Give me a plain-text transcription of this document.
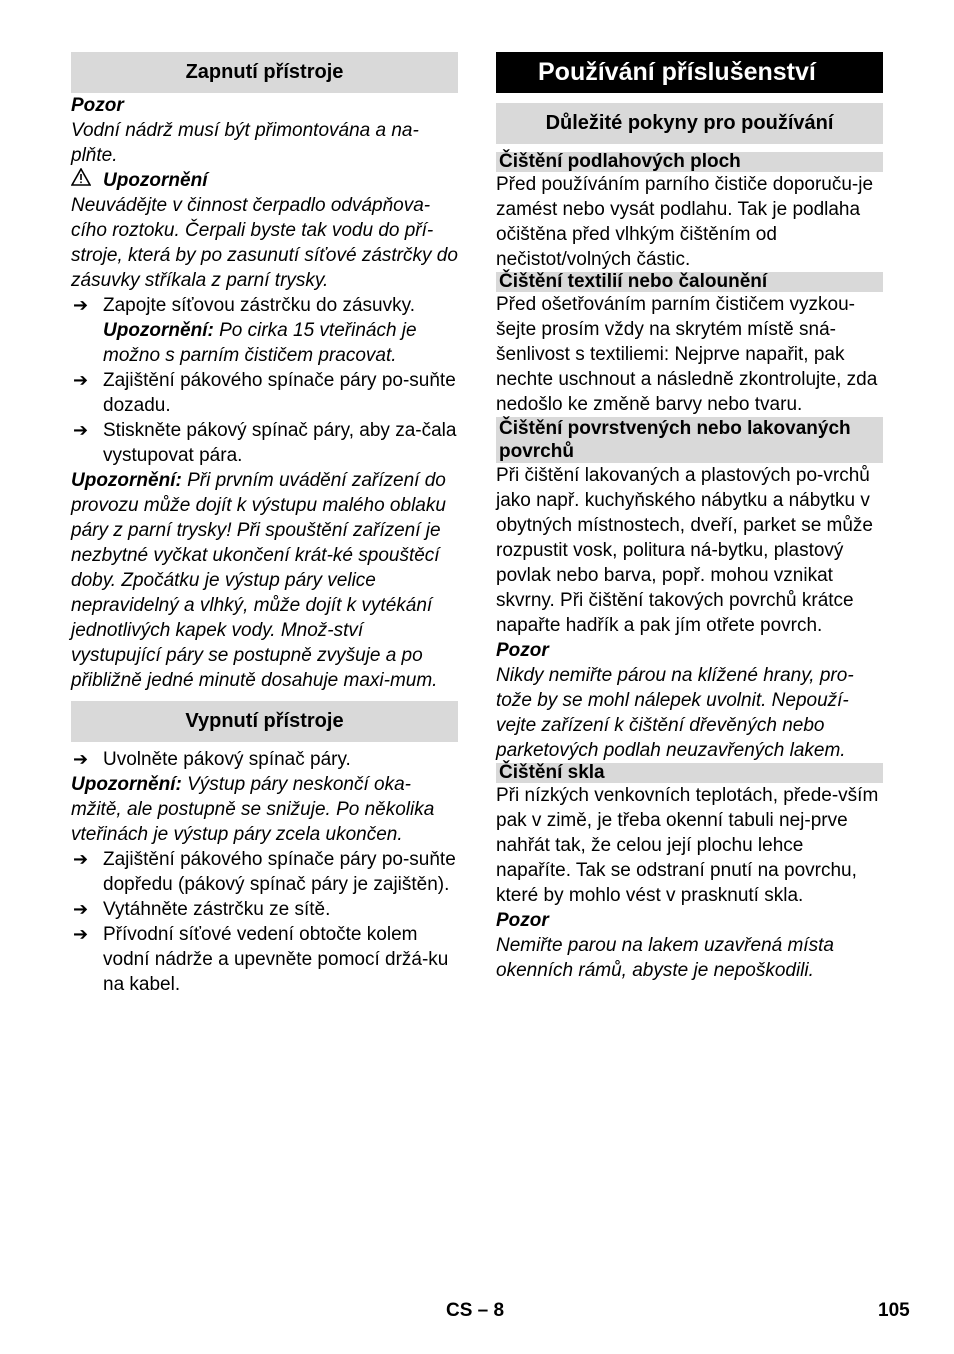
Zapnutí přístroje

Pozor

Vodní nádrž musí být přimontována a na-plňte.

Upozornění

Neuvádějte v činnost čerpadlo odvápňova-cího roztoku. Čerpali byste tak vodu do pří-stroje, která by po zasunutí síťové zástrčky do zásuvky stříkala z parní trysky.

➔ Zapojte síťovou zástrčku do zásuvky.

Upozornění: Po cirka 15 vteřinách je možno s parním čističem pracovat.

➔ Zajištění pákového spínače páry po-suňte dozadu.

➔ Stiskněte pákový spínač páry, aby za-čala vystupovat pára.

Upozornění: Při prvním uvádění zařízení do provozu může dojít k výstupu malého oblaku páry z parní trysky! Při spouštění zařízení je nezbytné vyčkat ukončení krát-ké spouštěcí doby. Zpočátku je výstup páry velice nepravidelný a vlhký, může dojít k vytékání jednotlivých kapek vody. Množ-ství vystupující páry se postupně zvyšuje a po přibližně jedné minutě dosahuje maxi-mum.

Vypnutí přístroje
➔ Uvolněte pákový spínač páry.

Upozornění: Výstup páry neskončí oka-mžitě, ale postupně se snižuje. Po několika vteřinách je výstup páry zcela ukončen.

➔ Zajištění pákového spínače páry po-suňte dopředu (pákový spínač páry je zajištěn).

➔ Vytáhněte zástrčku ze sítě.

➔ Přívodní síťové vedení obtočte kolem vodní nádrže a upevněte pomocí držá-ku na kabel.

Používání příslušenství
Důležité pokyny pro používání
Čištění podlahových ploch

Před používáním parního čističe doporuču-je zamést nebo vysát podlahu. Tak je podlaha očištěna před vlhkým čištěním od nečistot/volných částic.

Čištění textilií nebo čalounění

Před ošetřováním parním čističem vyzkou-šejte prosím vždy na skrytém místě sná-šenlivost s textiliemi: Nejprve napařit, pak nechte uschnout a následně zkontrolujte, zda nedošlo ke změně barvy nebo tvaru.

Čištění povrstvených nebo lakovaných povrchů

Při čištění lakovaných a plastových po-vrchů jako např. kuchyňského nábytku a nábytku v obytných místnostech, dveří, parket se může rozpustit vosk, politura ná-bytku, plastový povlak nebo barva, popř. mohou vznikat skvrny. Při čištění takových povrchů krátce napařte hadřík a pak jím otřete povrch.

Pozor

Nikdy nemiřte párou na klížené hrany, pro-tože by se mohl nálepek uvolnit. Nepouží-vejte zařízení k čištění dřevěných nebo parketových podlah neuzavřených lakem.

Čištění skla

Při nízkých venkovních teplotách, přede-vším pak v zimě, je třeba okenní tabuli nej-prve nahřát tak, že celou její plochu lehce napaříte. Tak se odstraní pnutí na povrchu, které by mohlo vést v prasknutí skla.

Pozor

Nemiřte parou na lakem uzavřená místa okenních rámů, abyste je nepoškodili.

CS – 8	105
